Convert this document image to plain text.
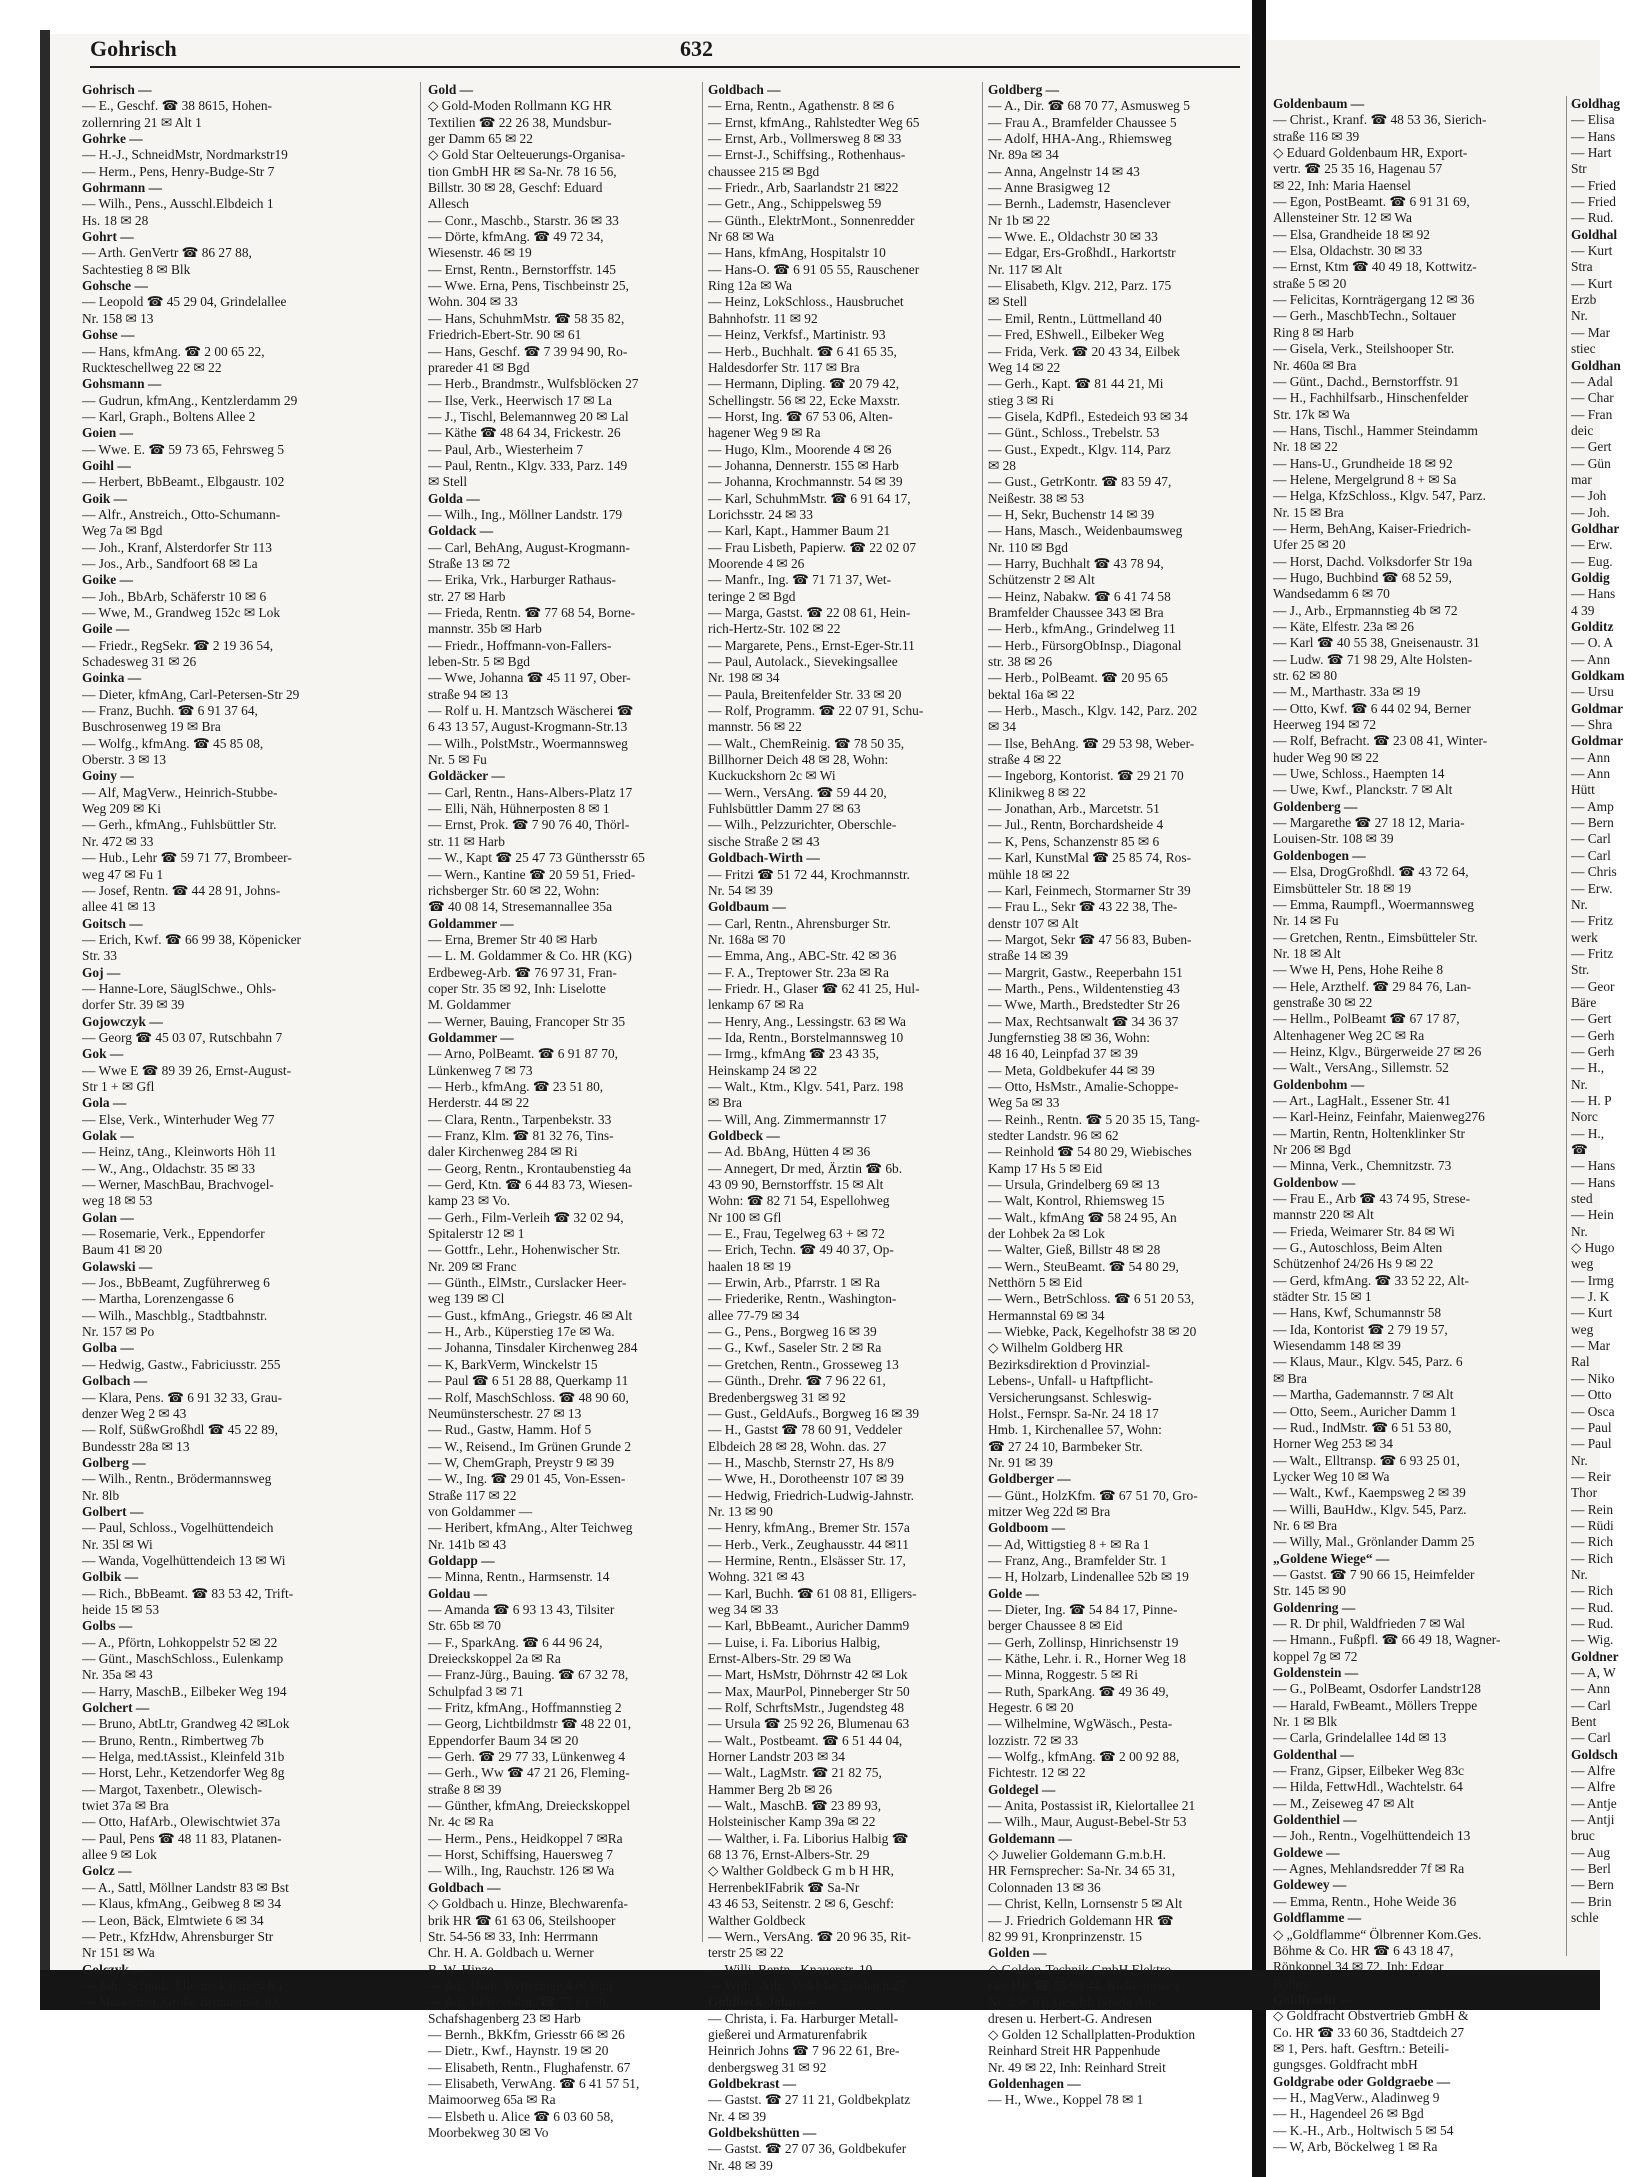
Gohrisch	632
Gohrisch —
— E., Geschf. ☎ 38 8615, Hohen-
zollernring 21 ✉ Alt 1
Gohrke —
— H.-J., SchneidMstr, Nordmarkstr19
— Herm., Pens, Henry-Budge-Str 7
Gohrmann —
— Wilh., Pens., Ausschl.Elbdeich 1
Hs. 18 ✉ 28
Gohrt —
— Arth. GenVertr ☎ 86 27 88,
Sachtestieg 8 ✉ Blk
Gohsche —
— Leopold ☎ 45 29 04, Grindelallee
Nr. 158 ✉ 13
Gohse —
— Hans, kfmAng. ☎ 2 00 65 22,
Ruckteschellweg 22 ✉ 22
Gohsmann —
— Gudrun, kfmAng., Kentzlerdamm 29
— Karl, Graph., Boltens Allee 2
Goien —
— Wwe. E. ☎ 59 73 65, Fehrsweg 5
Goihl —
— Herbert, BbBeamt., Elbgaustr. 102
Goik —
— Alfr., Anstreich., Otto-Schumann-
Weg 7a ✉ Bgd
— Joh., Kranf, Alsterdorfer Str 113
— Jos., Arb., Sandfoort 68 ✉ La
Goike —
— Joh., BbArb, Schäferstr 10 ✉ 6
— Wwe, M., Grandweg 152c ✉ Lok
Goile —
— Friedr., RegSekr. ☎ 2 19 36 54,
Schadesweg 31 ✉ 26
Goinka —
— Dieter, kfmAng, Carl-Petersen-Str 29
— Franz, Buchh. ☎ 6 91 37 64,
Buschrosenweg 19 ✉ Bra
— Wolfg., kfmAng. ☎ 45 85 08,
Oberstr. 3 ✉ 13
Goiny —
— Alf, MagVerw., Heinrich-Stubbe-
Weg 209 ✉ Ki
— Gerh., kfmAng., Fuhlsbüttler Str.
Nr. 472 ✉ 33
— Hub., Lehr ☎ 59 71 77, Brombeer-
weg 47 ✉ Fu 1
— Josef, Rentn. ☎ 44 28 91, Johns-
allee 41 ✉ 13
Goitsch —
— Erich, Kwf. ☎ 66 99 38, Köpenicker
Str. 33
Goj —
— Hanne-Lore, SäuglSchwe., Ohls-
dorfer Str. 39 ✉ 39
Gojowczyk —
— Georg ☎ 45 03 07, Rutschbahn 7
Gok —
— Wwe E ☎ 89 39 26, Ernst-August-
Str 1 + ✉ Gfl
Gola —
— Else, Verk., Winterhuder Weg 77
Golak —
— Heinz, tAng., Kleinworts Höh 11
— W., Ang., Oldachstr. 35 ✉ 33
— Werner, MaschBau, Brachvogel-
weg 18 ✉ 53
Golan —
— Rosemarie, Verk., Eppendorfer
Baum 41 ✉ 20
Golawski —
— Jos., BbBeamt, Zugführerweg 6
— Martha, Lorenzengasse 6
— Wilh., Maschblg., Stadtbahnstr.
Nr. 157 ✉ Po
Golba —
— Hedwig, Gastw., Fabriciusstr. 255
Golbach —
— Klara, Pens. ☎ 6 91 32 33, Grau-
denzer Weg 2 ✉ 43
— Rolf, SüßwGroßhdl ☎ 45 22 89,
Bundesstr 28a ✉ 13
Golberg —
— Wilh., Rentn., Brödermannsweg
Nr. 8lb
Golbert —
— Paul, Schloss., Vogelhüttendeich
Nr. 35l ✉ Wi
— Wanda, Vogelhüttendeich 13 ✉ Wi
Golbik —
— Rich., BbBeamt. ☎ 83 53 42, Trift-
heide 15 ✉ 53
Golbs —
— A., Pförtn, Lohkoppelstr 52 ✉ 22
— Günt., MaschSchloss., Eulenkamp
Nr. 35a ✉ 43
— Harry, MaschB., Eilbeker Weg 194
Golchert —
— Bruno, AbtLtr, Grandweg 42 ✉Lok
— Bruno, Rentn., Rimbertweg 7b
— Helga, med.tAssist., Kleinfeld 31b
— Horst, Lehr., Ketzendorfer Weg 8g
— Margot, Taxenbetr., Olewisch-
twiet 37a ✉ Bra
— Otto, HafArb., Olewischtwiet 37a
— Paul, Pens ☎ 48 11 83, Platanen-
allee 9 ✉ Lok
Golcz —
— A., Sattl, Möllner Landstr 83 ✉ Bst
— Klaus, kfmAng., Geibweg 8 ✉ 34
— Leon, Bäck, Elmtwiete 6 ✉ 34
— Petr., KfzHdw, Ahrensburger Str
Nr 151 ✉ Wa
Golczyk —
— Joh., Schmd., Ellerneck 83b ✉ Ra
— Mariechen, Große Brunnenstr. 63
Gold —
◇ Gold-Moden Rollmann KG HR
Textilien ☎ 22 26 38, Mundsbur-
ger Damm 65 ✉ 22
◇ Gold Star Oelteuerungs-Organisa-
tion GmbH HR ✉ Sa-Nr. 78 16 56,
Billstr. 30 ✉ 28, Geschf: Eduard
Allesch
— Conr., Maschb., Starstr. 36 ✉ 33
— Dörte, kfmAng. ☎ 49 72 34,
Wiesenstr. 46 ✉ 19
— Ernst, Rentn., Bernstorffstr. 145
— Wwe. Erna, Pens, Tischbeinstr 25,
Wohn. 304 ✉ 33
— Hans, SchuhmMstr. ☎ 58 35 82,
Friedrich-Ebert-Str. 90 ✉ 61
— Hans, Geschf. ☎ 7 39 94 90, Ro-
prareder 41 ✉ Bgd
— Herb., Brandmstr., Wulfsblöcken 27
— Ilse, Verk., Heerwisch 17 ✉ La
— J., Tischl, Belemannweg 20 ✉ Lal
— Käthe ☎ 48 64 34, Frickestr. 26
— Paul, Arb., Wiesterheim 7
— Paul, Rentn., Klgv. 333, Parz. 149
✉ Stell
Golda —
— Wilh., Ing., Möllner Landstr. 179
Goldack —
— Carl, BehAng, August-Krogmann-
Straße 13 ✉ 72
— Erika, Vrk., Harburger Rathaus-
str. 27 ✉ Harb
— Frieda, Rentn. ☎ 77 68 54, Borne-
mannstr. 35b ✉ Harb
— Friedr., Hoffmann-von-Fallers-
leben-Str. 5 ✉ Bgd
— Wwe, Johanna ☎ 45 11 97, Ober-
straße 94 ✉ 13
— Rolf u. H. Mantzsch Wäscherei ☎
6 43 13 57, August-Krogmann-Str.13
— Wilh., PolstMstr., Woermannsweg
Nr. 5 ✉ Fu
Goldäcker —
— Carl, Rentn., Hans-Albers-Platz 17
— Elli, Näh, Hühnerposten 8 ✉ 1
— Ernst, Prok. ☎ 7 90 76 40, Thörl-
str. 11 ✉ Harb
— W., Kapt ☎ 25 47 73 Günthersstr 65
— Wern., Kantine ☎ 20 59 51, Fried-
richsberger Str. 60 ✉ 22, Wohn:
☎ 40 08 14, Stresemannallee 35a
Goldammer —
— Erna, Bremer Str 40 ✉ Harb
— L. M. Goldammer & Co. HR (KG)
Erdbeweg-Arb. ☎ 76 97 31, Fran-
coper Str. 35 ✉ 92, Inh: Liselotte
M. Goldammer
— Werner, Bauing, Francoper Str 35
Goldammer —
— Arno, PolBeamt. ☎ 6 91 87 70,
Lünkenweg 7 ✉ 73
— Herb., kfmAng. ☎ 23 51 80,
Herderstr. 44 ✉ 22
— Clara, Rentn., Tarpenbekstr. 33
— Franz, Klm. ☎ 81 32 76, Tins-
daler Kirchenweg 284 ✉ Ri
— Georg, Rentn., Krontaubenstieg 4a
— Gerd, Ktn. ☎ 6 44 83 73, Wiesen-
kamp 23 ✉ Vo.
— Gerh., Film-Verleih ☎ 32 02 94,
Spitalerstr 12 ✉ 1
— Gottfr., Lehr., Hohenwischer Str.
Nr. 209 ✉ Franc
— Günth., ElMstr., Curslacker Heer-
weg 139 ✉ Cl
— Gust., kfmAng., Griegstr. 46 ✉ Alt
— H., Arb., Küperstieg 17e ✉ Wa.
— Johanna, Tinsdaler Kirchenweg 284
— K, BarkVerm, Winckelstr 15
— Paul ☎ 6 51 28 88, Querkamp 11
— Rolf, MaschSchloss. ☎ 48 90 60,
Neumünsterschestr. 27 ✉ 13
— Rud., Gastw, Hamm. Hof 5
— W., Reisend., Im Grünen Grunde 2
— W, ChemGraph, Preystr 9 ✉ 39
— W., Ing. ☎ 29 01 45, Von-Essen-
Straße 117 ✉ 22
von Goldammer —
— Heribert, kfmAng., Alter Teichweg
Nr. 141b ✉ 43
Goldapp —
— Minna, Rentn., Harmsenstr. 14
Goldau —
— Amanda ☎ 6 93 13 43, Tilsiter
Str. 65b ✉ 70
— F., SparkAng. ☎ 6 44 96 24,
Dreieckskoppel 2a ✉ Ra
— Franz-Jürg., Bauing. ☎ 67 32 78,
Schulpfad 3 ✉ 71
— Fritz, kfmAng., Hoffmannstieg 2
— Georg, Lichtbildmstr ☎ 48 22 01,
Eppendorfer Baum 34 ✉ 20
— Gerh. ☎ 29 77 33, Lünkenweg 4
— Gerh., Ww ☎ 47 21 26, Fleming-
straße 8 ✉ 39
— Günther, kfmAng, Dreieckskoppel
Nr. 4c ✉ Ra
— Herm., Pens., Heidkoppel 7 ✉Ra
— Horst, Schiffsing, Hauersweg 7
— Wilh., Ing, Rauchstr. 126 ✉ Wa
Goldbach —
◇ Goldbach u. Hinze, Blechwarenfa-
brik HR ☎ 61 63 06, Steilshooper
Str. 54-56 ✉ 33, Inh: Herrmann
Chr. H. A. Goldbach u. Werner
B. W. Hinze
— Ad., Dreh, Wetteringe 4 ✉ Bgd
— Ad., BkBevollm. ☎ 77 83 90,
Schafshagenberg 23 ✉ Harb
— Bernh., BkKfm, Griesstr 66 ✉ 26
— Dietr., Kwf., Haynstr. 19 ✉ 20
— Elisabeth, Rentn., Flughafenstr. 67
— Elisabeth, VerwAng. ☎ 6 41 57 51,
Maimoorweg 65a ✉ Ra
— Elsbeth u. Alice ☎ 6 03 60 58,
Moorbekweg 30 ✉ Vo
Goldbach —
— Erna, Rentn., Agathenstr. 8 ✉ 6
— Ernst, kfmAng., Rahlstedter Weg 65
— Ernst, Arb., Vollmersweg 8 ✉ 33
— Ernst-J., Schiffsing., Rothenhaus-
chaussee 215 ✉ Bgd
— Friedr., Arb, Saarlandstr 21 ✉22
— Getr., Ang., Schippelsweg 59
— Günth., ElektrMont., Sonnenredder
Nr 68 ✉ Wa
— Hans, kfmAng, Hospitalstr 10
— Hans-O. ☎ 6 91 05 55, Rauschener
Ring 12a ✉ Wa
— Heinz, LokSchloss., Hausbruchet
Bahnhofstr. 11 ✉ 92
— Heinz, Verkfsf., Martinistr. 93
— Herb., Buchhalt. ☎ 6 41 65 35,
Haldesdorfer Str. 117 ✉ Bra
— Hermann, Dipling. ☎ 20 79 42,
Schellingstr. 56 ✉ 22, Ecke Maxstr.
— Horst, Ing. ☎ 67 53 06, Alten-
hagener Weg 9 ✉ Ra
— Hugo, Klm., Moorende 4 ✉ 26
— Johanna, Dennerstr. 155 ✉ Harb
— Johanna, Krochmannstr. 54 ✉ 39
— Karl, SchuhmMstr. ☎ 6 91 64 17,
Lorichsstr. 24 ✉ 33
— Karl, Kapt., Hammer Baum 21
— Frau Lisbeth, Papierw. ☎ 22 02 07
Moorende 4 ✉ 26
— Manfr., Ing. ☎ 71 71 37, Wet-
teringe 2 ✉ Bgd
— Marga, Gastst. ☎ 22 08 61, Hein-
rich-Hertz-Str. 102 ✉ 22
— Margarete, Pens., Ernst-Eger-Str.11
— Paul, Autolack., Sievekingsallee
Nr. 198 ✉ 34
— Paula, Breitenfelder Str. 33 ✉ 20
— Rolf, Programm. ☎ 22 07 91, Schu-
mannstr. 56 ✉ 22
— Walt., ChemReinig. ☎ 78 50 35,
Billhorner Deich 48 ✉ 28, Wohn:
Kuckuckshorn 2c ✉ Wi
— Wern., VersAng. ☎ 59 44 20,
Fuhlsbüttler Damm 27 ✉ 63
— Wilh., Pelzzurichter, Oberschle-
sische Straße 2 ✉ 43
Goldbach-Wirth —
— Fritzi ☎ 51 72 44, Krochmannstr.
Nr. 54 ✉ 39
Goldbaum —
— Carl, Rentn., Ahrensburger Str.
Nr. 168a ✉ 70
— Emma, Ang., ABC-Str. 42 ✉ 36
— F. A., Treptower Str. 23a ✉ Ra
— Friedr. H., Glaser ☎ 62 41 25, Hul-
lenkamp 67 ✉ Ra
— Henry, Ang., Lessingstr. 63 ✉ Wa
— Ida, Rentn., Borstelmannsweg 10
— Irmg., kfmAng ☎ 23 43 35,
Heinskamp 24 ✉ 22
— Walt., Ktm., Klgv. 541, Parz. 198
✉ Bra
— Will, Ang. Zimmermannstr 17
Goldbeck —
— Ad. BbAng, Hütten 4 ✉ 36
— Annegert, Dr med, Ärztin ☎ 6b.
43 09 90, Bernstorffstr. 15 ✉ Alt
Wohn: ☎ 82 71 54, Espellohweg
Nr 100 ✉ Gfl
— E., Frau, Tegelweg 63 + ✉ 72
— Erich, Techn. ☎ 49 40 37, Op-
haalen 18 ✉ 19
— Erwin, Arb., Pfarrstr. 1 ✉ Ra
— Friederike, Rentn., Washington-
allee 77-79 ✉ 34
— G., Pens., Borgweg 16 ✉ 39
— G., Kwf., Saseler Str. 2 ✉ Ra
— Gretchen, Rentn., Grosseweg 13
— Günth., Drehr. ☎ 7 96 22 61,
Bredenbergsweg 31 ✉ 92
— Gust., GeldAufs., Borgweg 16 ✉ 39
— H., Gastst ☎ 78 60 91, Veddeler
Elbdeich 28 ✉ 28, Wohn. das. 27
— H., Maschb, Sternstr 27, Hs 8/9
— Wwe, H., Dorotheenstr 107 ✉ 39
— Hedwig, Friedrich-Ludwig-Jahnstr.
Nr. 13 ✉ 90
— Henry, kfmAng., Bremer Str. 157a
— Herb., Verk., Zeughausstr. 44 ✉11
— Hermine, Rentn., Elsässer Str. 17,
Wohng. 321 ✉ 43
— Karl, Buchh. ☎ 61 08 81, Elligers-
weg 34 ✉ 33
— Karl, BbBeamt., Auricher Damm9
— Luise, i. Fa. Liborius Halbig,
Ernst-Albers-Str. 29 ✉ Wa
— Mart, HsMstr, Döhrnstr 42 ✉ Lok
— Max, MaurPol, Pinneberger Str 50
— Rolf, SchrftsMstr., Jugendsteg 48
— Ursula ☎ 25 92 26, Blumenau 63
— Walt., Postbeamt. ☎ 6 51 44 04,
Horner Landstr 203 ✉ 34
— Walt., LagMstr. ☎ 21 82 75,
Hammer Berg 2b ✉ 26
— Walt., MaschB. ☎ 23 89 93,
Holsteinischer Kamp 39a ✉ 22
— Walther, i. Fa. Liborius Halbig ☎
68 13 76, Ernst-Albers-Str. 29
◇ Walther Goldbeck G m b H HR,
HerrenbekIFabrik ☎ Sa-Nr
43 46 53, Seitenstr. 2 ✉ 6, Geschf:
Walther Goldbeck
— Wern., VersAng. ☎ 20 96 35, Rit-
terstr 25 ✉ 22
— Willi, Rentn., Knauerstr. 10
— Wilh., Arb., Veddeler Elbdeich 27
Goldbeck-Johns —
— Christa, i. Fa. Harburger Metall-
gießerei und Armaturenfabrik
Heinrich Johns ☎ 7 96 22 61, Bre-
denbergsweg 31 ✉ 92
Goldbekrast —
— Gastst. ☎ 27 11 21, Goldbekplatz
Nr. 4 ✉ 39
Goldbekshütten —
— Gastst. ☎ 27 07 36, Goldbekufer
Nr. 48 ✉ 39
Goldberg —
— A., Dir. ☎ 68 70 77, Asmusweg 5
— Frau A., Bramfelder Chaussee 5
— Adolf, HHA-Ang., Rhiemsweg
Nr. 89a ✉ 34
— Anna, Angelnstr 14 ✉ 43
— Anne Brasigweg 12
— Bernh., Lademstr, Hasenclever
Nr 1b ✉ 22
— Wwe. E., Oldachstr 30 ✉ 33
— Edgar, Ers-GroßhdI., Harkortstr
Nr. 117 ✉ Alt
— Elisabeth, Klgv. 212, Parz. 175
✉ Stell
— Emil, Rentn., Lüttmelland 40
— Fred, EShwell., Eilbeker Weg
— Frida, Verk. ☎ 20 43 34, Eilbek
Weg 14 ✉ 22
— Gerh., Kapt. ☎ 81 44 21, Mi
stieg 3 ✉ Ri
— Gisela, KdPfl., Estedeich 93 ✉ 34
— Günt., Schloss., Trebelstr. 53
— Gust., Expedt., Klgv. 114, Parz
✉ 28
— Gust., GetrKontr. ☎ 83 59 47,
Neißestr. 38 ✉ 53
— H, Sekr, Buchenstr 14 ✉ 39
— Hans, Masch., Weidenbaumsweg
Nr. 110 ✉ Bgd
— Harry, Buchhalt ☎ 43 78 94,
Schützenstr 2 ✉ Alt
— Heinz, Nabakw. ☎ 6 41 74 58
Bramfelder Chaussee 343 ✉ Bra
— Herb., kfmAng., Grindelweg 11
— Herb., FürsorgObInsp., Diagonal
str. 38 ✉ 26
— Herb., PolBeamt. ☎ 20 95 65
bektal 16a ✉ 22
— Herb., Masch., Klgv. 142, Parz. 202
✉ 34
— Ilse, BehAng. ☎ 29 53 98, Weber-
straße 4 ✉ 22
— Ingeborg, Kontorist. ☎ 29 21 70
Klinikweg 8 ✉ 22
— Jonathan, Arb., Marcetstr. 51
— Jul., Rentn, Borchardsheide 4
— K, Pens, Schanzenstr 85 ✉ 6
— Karl, KunstMal ☎ 25 85 74, Ros-
mühle 18 ✉ 22
— Karl, Feinmech, Stormarner Str 39
— Frau L., Sekr ☎ 43 22 38, The-
denstr 107 ✉ Alt
— Margot, Sekr ☎ 47 56 83, Buben-
straße 14 ✉ 39
— Margrit, Gastw., Reeperbahn 151
— Marth., Pens., Wildentenstieg 43
— Wwe, Marth., Bredstedter Str 26
— Max, Rechtsanwalt ☎ 34 36 37
Jungfernstieg 38 ✉ 36, Wohn:
48 16 40, Leinpfad 37 ✉ 39
— Meta, Goldbekufer 44 ✉ 39
— Otto, HsMstr., Amalie-Schoppe-
Weg 5a ✉ 33
— Reinh., Rentn. ☎ 5 20 35 15, Tang-
stedter Landstr. 96 ✉ 62
— Reinhold ☎ 54 80 29, Wiebisches
Kamp 17 Hs 5 ✉ Eid
— Ursula, Grindelberg 69 ✉ 13
— Walt, Kontrol, Rhiemsweg 15
— Walt., kfmAng ☎ 58 24 95, An
der Lohbek 2a ✉ Lok
— Walter, Gieß, Billstr 48 ✉ 28
— Wern., SteuBeamt. ☎ 54 80 29,
Netthörn 5 ✉ Eid
— Wern., BetrSchloss. ☎ 6 51 20 53,
Hermannstal 69 ✉ 34
— Wiebke, Pack, Kegelhofstr 38 ✉ 20
◇ Wilhelm Goldberg HR
Bezirksdirektion d Provinzial-
Lebens-, Unfall- u Haftpflicht-
Versicherungsanst. Schleswig-
Holst., Fernspr. Sa-Nr. 24 18 17
Hmb. 1, Kirchenallee 57, Wohn:
☎ 27 24 10, Barmbeker Str.
Nr. 91 ✉ 39
Goldberger —
— Günt., HolzKfm. ☎ 67 51 70, Gro-
mitzer Weg 22d ✉ Bra
Goldboom —
— Ad, Wittigstieg 8 + ✉ Ra 1
— Franz, Ang., Bramfelder Str. 1
— H, Holzarb, Lindenallee 52b ✉ 19
Golde —
— Dieter, Ing. ☎ 54 84 17, Pinne-
berger Chaussee 8 ✉ Eid
— Gerh, Zollinsp, Hinrichsenstr 19
— Käthe, Lehr. i. R., Horner Weg 18
— Minna, Roggestr. 5 ✉ Ri
— Ruth, SparkAng. ☎ 49 36 49,
Hegestr. 6 ✉ 20
— Wilhelmine, WgWäsch., Pesta-
lozzistr. 72 ✉ 33
— Wolfg., kfmAng. ☎ 2 00 92 88,
Fichtestr. 12 ✉ 22
Goldegel —
— Anita, Postassist iR, Kielortallee 21
— Wilh., Maur, August-Bebel-Str 53
Goldemann —
◇ Juwelier Goldemann G.m.b.H.
HR Fernsprecher: Sa-Nr. 34 65 31,
Colonnaden 13 ✉ 36
— Christ, Kelln, Lornsenstr 5 ✉ Alt
— J. Friedrich Goldemann HR ☎
82 99 91, Kronprinzenstr. 15
Golden —
◇ Golden-Technik GmbH Elektro-
räte HR ☎ 55 98 44, Riekbornweg
Nr. 2 ✉ 61, Geschf: Gisela An-
dresen u. Herbert-G. Andresen
◇ Golden 12 Schallplatten-Produktion
Reinhard Streit HR Pappenhude
Nr. 49 ✉ 22, Inh: Reinhard Streit
Goldenhagen —
— H., Wwe., Koppel 78 ✉ 1
Goldenbaum —
— Christ., Kranf. ☎ 48 53 36, Sierich-
straße 116 ✉ 39
◇ Eduard Goldenbaum HR, Export-
vertr. ☎ 25 35 16, Hagenau 57
✉ 22, Inh: Maria Haensel
— Egon, PostBeamt. ☎ 6 91 31 69,
Allensteiner Str. 12 ✉ Wa
— Elsa, Grandheide 18 ✉ 92
— Elsa, Oldachstr. 30 ✉ 33
— Ernst, Ktm ☎ 40 49 18, Kottwitz-
straße 5 ✉ 20
— Felicitas, Kornträgergang 12 ✉ 36
— Gerh., MaschbTechn., Soltauer
Ring 8 ✉ Harb
— Gisela, Verk., Steilshooper Str.
Nr. 460a ✉ Bra
— Günt., Dachd., Bernstorffstr. 91
— H., Fachhilfsarb., Hinschenfelder
Str. 17k ✉ Wa
— Hans, Tischl., Hammer Steindamm
Nr. 18 ✉ 22
— Hans-U., Grundheide 18 ✉ 92
— Helene, Mergelgrund 8 + ✉ Sa
— Helga, KfzSchloss., Klgv. 547, Parz.
Nr. 15 ✉ Bra
— Herm, BehAng, Kaiser-Friedrich-
Ufer 25 ✉ 20
— Horst, Dachd. Volksdorfer Str 19a
— Hugo, Buchbind ☎ 68 52 59,
Wandsedamm 6 ✉ 70
— J., Arb., Erpmannstieg 4b ✉ 72
— Käte, Elfestr. 23a ✉ 26
— Karl ☎ 40 55 38, Gneisenaustr. 31
— Ludw. ☎ 71 98 29, Alte Holsten-
str. 62 ✉ 80
— M., Marthastr. 33a ✉ 19
— Otto, Kwf. ☎ 6 44 02 94, Berner
Heerweg 194 ✉ 72
— Rolf, Befracht. ☎ 23 08 41, Winter-
huder Weg 90 ✉ 22
— Uwe, Schloss., Haempten 14
— Uwe, Kwf., Planckstr. 7 ✉ Alt
Goldenberg —
— Margarethe ☎ 27 18 12, Maria-
Louisen-Str. 108 ✉ 39
Goldenbogen —
— Elsa, DrogGroßhdl. ☎ 43 72 64,
Eimsbütteler Str. 18 ✉ 19
— Emma, Raumpfl., Woermannsweg
Nr. 14 ✉ Fu
— Gretchen, Rentn., Eimsbütteler Str.
Nr. 18 ✉ Alt
— Wwe H, Pens, Hohe Reihe 8
— Hele, Arzthelf. ☎ 29 84 76, Lan-
genstraße 30 ✉ 22
— Hellm., PolBeamt ☎ 67 17 87,
Altenhagener Weg 2C ✉ Ra
— Heinz, Klgv., Bürgerweide 27 ✉ 26
— Walt., VersAng., Sillemstr. 52
Goldenbohm —
— Art., LagHalt., Essener Str. 41
— Karl-Heinz, Feinfahr, Maienweg276
— Martin, Rentn, Holtenklinker Str
Nr 206 ✉ Bgd
— Minna, Verk., Chemnitzstr. 73
Goldenbow —
— Frau E., Arb ☎ 43 74 95, Strese-
mannstr 220 ✉ Alt
— Frieda, Weimarer Str. 84 ✉ Wi
— G., Autoschloss, Beim Alten
Schützenhof 24/26 Hs 9 ✉ 22
— Gerd, kfmAng. ☎ 33 52 22, Alt-
städter Str. 15 ✉ 1
— Hans, Kwf, Schumannstr 58
— Ida, Kontorist ☎ 2 79 19 57,
Wiesendamm 148 ✉ 39
— Klaus, Maur., Klgv. 545, Parz. 6
✉ Bra
— Martha, Gademannstr. 7 ✉ Alt
— Otto, Seem., Auricher Damm 1
— Rud., IndMstr. ☎ 6 51 53 80,
Horner Weg 253 ✉ 34
— Walt., Elltransp. ☎ 6 93 25 01,
Lycker Weg 10 ✉ Wa
— Walt., Kwf., Kaempsweg 2 ✉ 39
— Willi, BauHdw., Klgv. 545, Parz.
Nr. 6 ✉ Bra
— Willy, Mal., Grönlander Damm 25
„Goldene Wiege“ —
— Gastst. ☎ 7 90 66 15, Heimfelder
Str. 145 ✉ 90
Goldenring —
— R. Dr phil, Waldfrieden 7 ✉ Wal
— Hmann., Fußpfl. ☎ 66 49 18, Wagner-
koppel 7g ✉ 72
Goldenstein —
— G., PolBeamt, Osdorfer Landstr128
— Harald, FwBeamt., Möllers Treppe
Nr. 1 ✉ Blk
— Carla, Grindelallee 14d ✉ 13
Goldenthal —
— Franz, Gipser, Eilbeker Weg 83c
— Hilda, FettwHdl., Wachtelstr. 64
— M., Zeiseweg 47 ✉ Alt
Goldenthiel —
— Joh., Rentn., Vogelhüttendeich 13
Goldewe —
— Agnes, Mehlandsredder 7f ✉ Ra
Goldewey —
— Emma, Rentn., Hohe Weide 36
Goldflamme —
◇ „Goldflamme“ Ölbrenner Kom.Ges.
Böhme & Co. HR ☎ 6 43 18 47,
Rönkoppel 34 ✉ 72, Inh: Edgar
Böhme
Goldfracht —
◇ Goldfracht Obstvertrieb GmbH &
Co. HR ☎ 33 60 36, Stadtdeich 27
✉ 1, Pers. haft. Gesftrn.: Beteili-
gungsges. Goldfracht mbH
Goldgrabe oder Goldgraebe —
— H., MagVerw., Aladinweg 9
— H., Hagendeel 26 ✉ Bgd
— K.-H., Arb., Holtwisch 5 ✉ 54
— W, Arb, Böckelweg 1 ✉ Ra
Goldhag
— Elisa
— Hans
— Hart
Str
— Fried
— Fried
— Rud.
Goldhal
— Kurt
Stra
— Kurt
Erzb
Nr.
— Mar
stiec
Goldhan
— Adal
— Char
— Fran
deic
— Gert
— Gün
mar
— Joh
— Joh.
Goldhar
— Erw.
— Eug.
Goldig
— Hans
4 39
Golditz
— O. A
— Ann
Goldkam
— Ursu
Goldmar
— Shra
Goldmar
— Ann
— Ann
Hütt
— Amp
— Bern
— Carl
— Carl
— Chris
— Erw.
Nr.
— Fritz
werk
— Fritz
Str.
— Geor
Bäre
— Gert
— Gerh
— Gerh
— H.,
Nr.
— H. P
Norc
— H.,
☎
— Hans
— Hans
sted
— Hein
Nr.
◇ Hugo
weg
— Irmg
— J. K
— Kurt
weg
— Mar
Ral
— Niko
— Otto
— Osca
— Paul
— Paul
Nr.
— Reir
Thor
— Rein
— Rüdi
— Rich
— Rich
Nr.
— Rich
— Rud.
— Rud.
— Wig.
Goldner
— A, W
— Ann
— Carl
Bent
— Carl
Goldsch
— Alfre
— Alfre
— Antje
— Antji
bruc
— Aug
— Berl
— Bern
— Brin
schle
